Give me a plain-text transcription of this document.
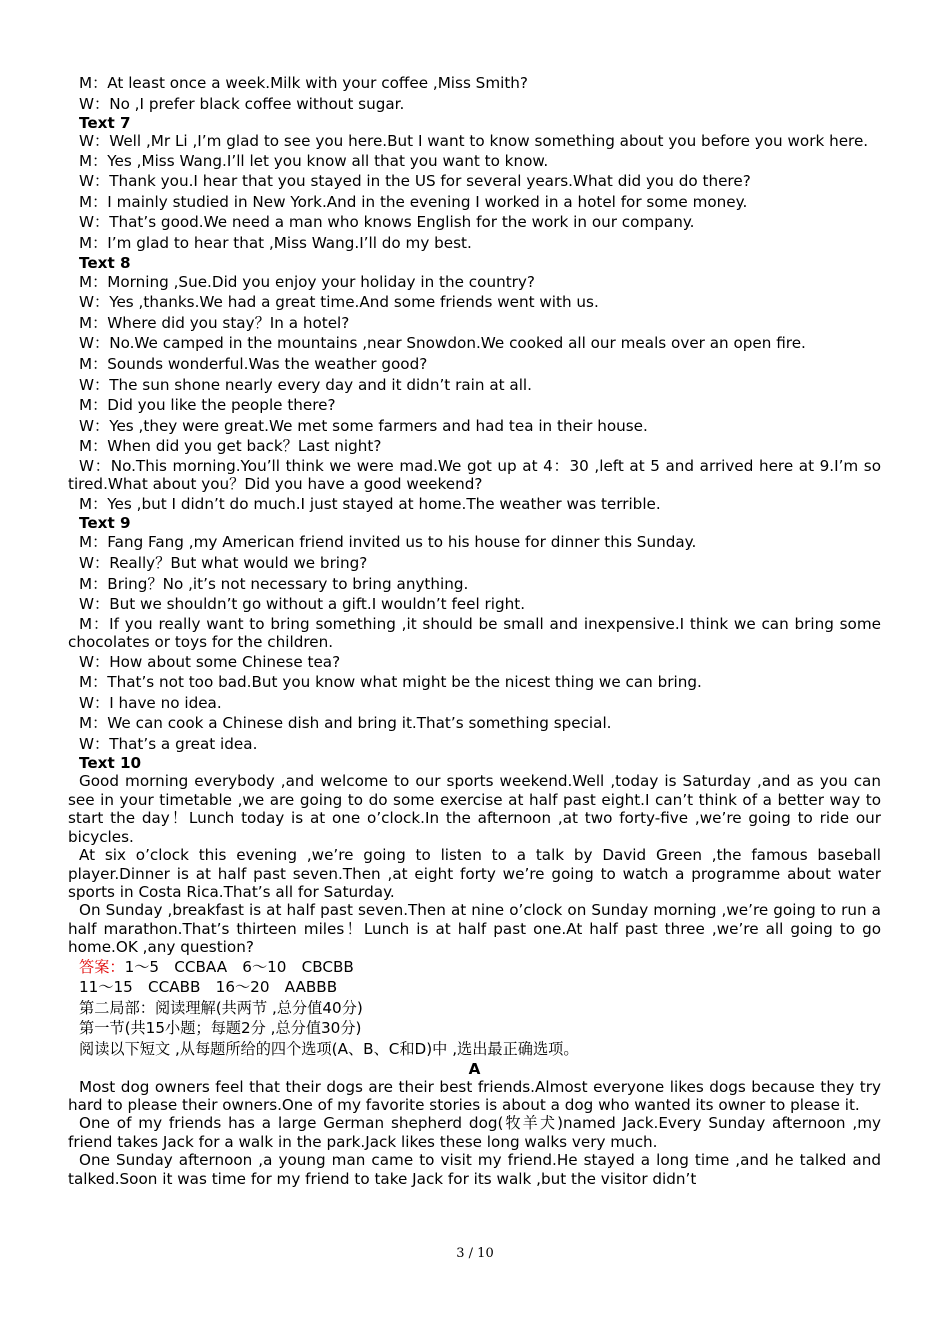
M：At least once a week.Milk with your coffee ,Miss Smith?
W：No ,I prefer black coffee without sugar.
Text 7
W：Well ,Mr Li ,I’m glad to see you here.But I want to know something about you before you work here.
M：Yes ,Miss Wang.I’ll let you know all that you want to know.
W：Thank you.I hear that you stayed in the US for several years.What did you do there?
M：I mainly studied in New York.And in the evening I worked in a hotel for some money.
W：That’s good.We need a man who knows English for the work in our company.
M：I’m glad to hear that ,Miss Wang.I’ll do my best.
Text 8
M：Morning ,Sue.Did you enjoy your holiday in the country?
W：Yes ,thanks.We had a great time.And some friends went with us.
M：Where did you stay？In a hotel?
W：No.We camped in the mountains ,near Snowdon.We cooked all our meals over an open fire.
M：Sounds wonderful.Was the weather good?
W：The sun shone nearly every day and it didn’t rain at all.
M：Did you like the people there?
W：Yes ,they were great.We met some farmers and had tea in their house.
M：When did you get back？Last night?
W：No.This morning.You’ll think we were mad.We got up at 4：30 ,left at 5 and arrived here at 9.I’m so tired.What about you？Did you have a good weekend?
M：Yes ,but I didn’t do much.I just stayed at home.The weather was terrible.
Text 9
M：Fang Fang ,my American friend invited us to his house for dinner this Sunday.
W：Really？But what would we bring?
M：Bring？No ,it’s not necessary to bring anything.
W：But we shouldn’t go without a gift.I wouldn’t feel right.
M：If you really want to bring something ,it should be small and inexpensive.I think we can bring some chocolates or toys for the children.
W：How about some Chinese tea?
M：That’s not too bad.But you know what might be the nicest thing we can bring.
W：I have no idea.
M：We can cook a Chinese dish and bring it.That’s something special.
W：That’s a great idea.
Text 10
Good morning everybody ,and welcome to our sports weekend.Well ,today is Saturday ,and as you can see in your timetable ,we are going to do some exercise at half past eight.I can’t think of a better way to start the day！Lunch today is at one o’clock.In the afternoon ,at two forty-five ,we’re going to ride our bicycles.
At six o’clock this evening ,we’re going to listen to a talk by David Green ,the famous baseball player.Dinner is at half past seven.Then ,at eight forty we’re going to watch a programme about water sports in Costa Rica.That’s all for Saturday.
On Sunday ,breakfast is at half past seven.Then at nine o’clock on Sunday morning ,we’re going to run a half marathon.That’s thirteen miles！Lunch is at half past one.At half past three ,we’re all going to go home.OK ,any question?
答案：1～5　CCBAA　6～10　CBCBB
11～15　CCABB　16～20　AABBB
第二局部：阅读理解(共两节 ,总分值40分)
第一节(共15小题；每题2分 ,总分值30分)
阅读以下短文 ,从每题所给的四个选项(A、B、C和D)中 ,选出最正确选项。
A
Most dog owners feel that their dogs are their best friends.Almost everyone likes dogs because they try hard to please their owners.One of my favorite stories is about a dog who wanted its owner to please it.
One of my friends has a large German shepherd dog(牧羊犬)named Jack.Every Sunday afternoon ,my friend takes Jack for a walk in the park.Jack likes these long walks very much.
One Sunday afternoon ,a young man came to visit my friend.He stayed a long time ,and he talked and talked.Soon it was time for my friend to take Jack for its walk ,but the visitor didn’t
3 / 10
